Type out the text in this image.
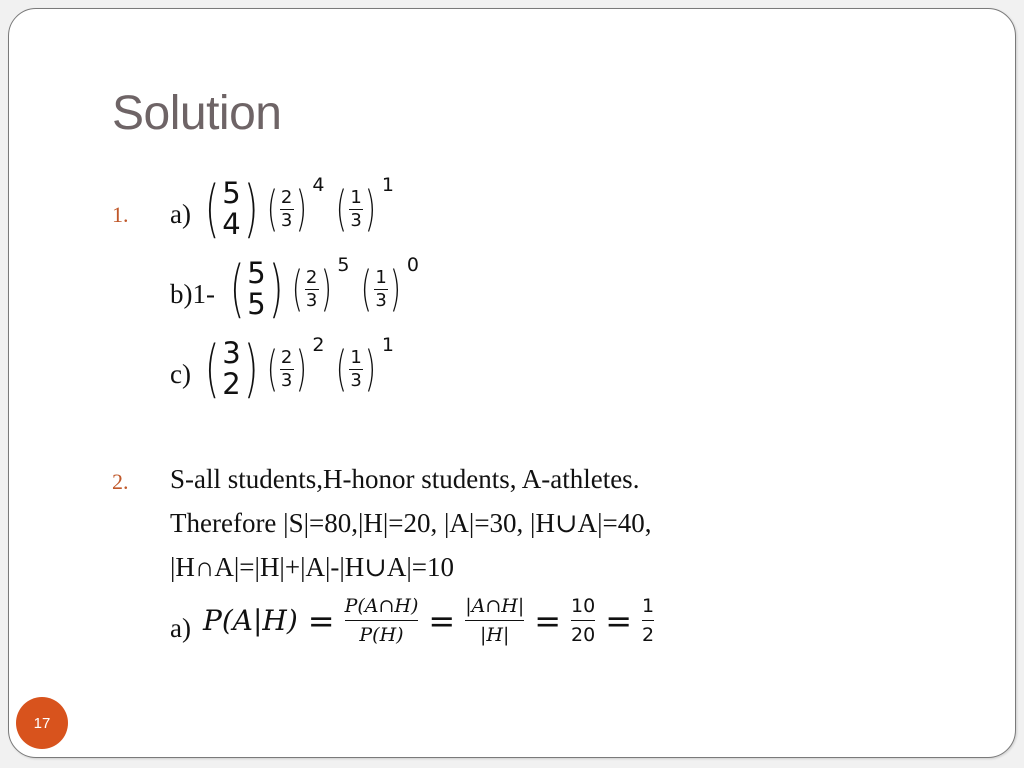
Solution
1. a) ( 5
4 ) ( $\frac{2}{3}$ ) 4 ( $\frac{1}{3}$ ) 1
b)1- ( 5
5 ) ( $\frac{2}{3}$ ) 5 ( $\frac{1}{3}$ ) 0
c) ( 3
2 ) ( $\frac{2}{3}$ ) 2 ( $\frac{1}{3}$ ) 1
2. S-all students,H-honor students, A-athletes.
Therefore |S|=80,|H|=20, |A|=30, |H∪A|=40,
|H∩A|=|H|+|A|-|H∪A|=10
a) P(A|H) = P(A∩H)
P(H) = |A∩H|
|H| = 10
20 = 1
2
17
